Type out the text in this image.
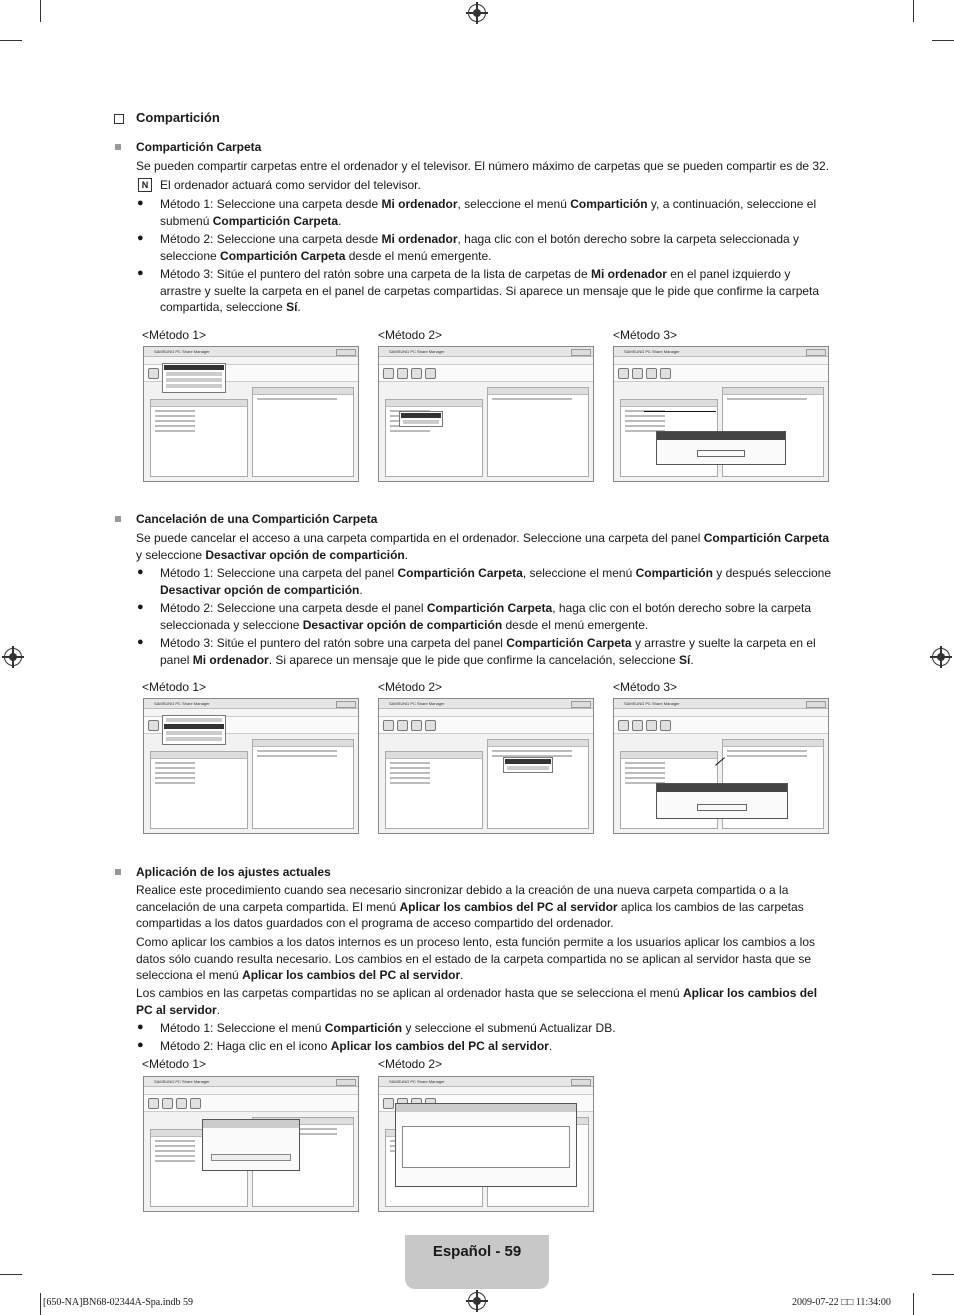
Compartición

Compartición Carpeta

Se pueden compartir carpetas entre el ordenador y el televisor. El número máximo de carpetas que se pueden compartir es de 32.

N El ordenador actuará como servidor del televisor.

● Método 1: Seleccione una carpeta desde Mi ordenador, seleccione el menú Compartición y, a continuación, seleccione el
submenú Compartición Carpeta.

● Método 2: Seleccione una carpeta desde Mi ordenador, haga clic con el botón derecho sobre la carpeta seleccionada y
seleccione Compartición Carpeta desde el menú emergente.

● Método 3: Sitúe el puntero del ratón sobre una carpeta de la lista de carpetas de Mi ordenador en el panel izquierdo y
arrastre y suelte la carpeta en el panel de carpetas compartidas. Si aparece un mensaje que le pide que confirme la carpeta
compartida, seleccione Sí.

<Método 1>	<Método 2>	<Método 3>
SAMSUNG PC Share Manager	SAMSUNG PC Share Manager	SAMSUNG PC Share Manager

Cancelación de una Compartición Carpeta

Se puede cancelar el acceso a una carpeta compartida en el ordenador. Seleccione una carpeta del panel Compartición Carpeta
y seleccione Desactivar opción de compartición.

● Método 1: Seleccione una carpeta del panel Compartición Carpeta, seleccione el menú Compartición y después seleccione
Desactivar opción de compartición.

● Método 2: Seleccione una carpeta desde el panel Compartición Carpeta, haga clic con el botón derecho sobre la carpeta
seleccionada y seleccione Desactivar opción de compartición desde el menú emergente.

● Método 3: Sitúe el puntero del ratón sobre una carpeta del panel Compartición Carpeta y arrastre y suelte la carpeta en el
panel Mi ordenador. Si aparece un mensaje que le pide que confirme la cancelación, seleccione Sí.

<Método 1>	<Método 2>	<Método 3>
SAMSUNG PC Share Manager	SAMSUNG PC Share Manager	SAMSUNG PC Share Manager

Aplicación de los ajustes actuales

Realice este procedimiento cuando sea necesario sincronizar debido a la creación de una nueva carpeta compartida o a la
cancelación de una carpeta compartida. El menú Aplicar los cambios del PC al servidor aplica los cambios de las carpetas
compartidas a los datos guardados con el programa de acceso compartido del ordenador.

Como aplicar los cambios a los datos internos es un proceso lento, esta función permite a los usuarios aplicar los cambios a los
datos sólo cuando resulta necesario. Los cambios en el estado de la carpeta compartida no se aplican al servidor hasta que se
selecciona el menú Aplicar los cambios del PC al servidor.

Los cambios en las carpetas compartidas no se aplican al ordenador hasta que se selecciona el menú Aplicar los cambios del
PC al servidor.

● Método 1: Seleccione el menú Compartición y seleccione el submenú Actualizar DB.

● Método 2: Haga clic en el icono Aplicar los cambios del PC al servidor.

<Método 1>	<Método 2>
SAMSUNG PC Share Manager	SAMSUNG PC Share Manager
Español - 59
[650-NA]BN68-02344A-Spa.indb 59	2009-07-22 □□ 11:34:00
